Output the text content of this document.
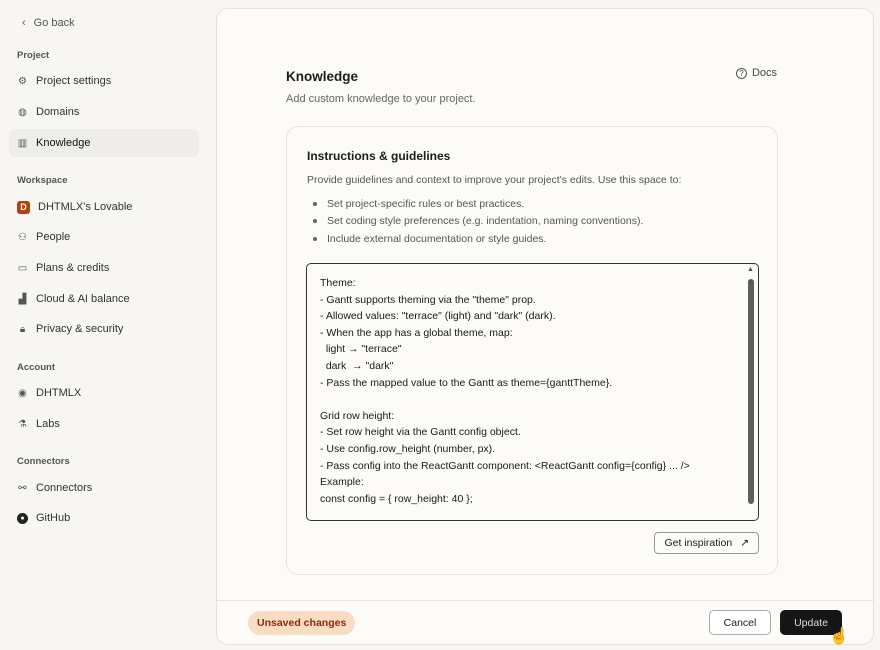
‹ Go back
Project
⚙ Project settings
◍ Domains
▥ Knowledge
Workspace
D DHTMLX's Lovable
⚇ People
▭ Plans & credits
▟ Cloud & AI balance
🔒︎ Privacy & security
Account
◉ DHTMLX
⚗ Labs
Connectors
⚯ Connectors
●	GitHub
Knowledge
Add custom knowledge to your project.
? Docs
Instructions & guidelines
Provide guidelines and context to improve your project's edits. Use this space to:
Set project-specific rules or best practices.
Set coding style preferences (e.g. indentation, naming conventions).
Include external documentation or style guides.
▲
▼
Theme:
- Gantt supports theming via the "theme" prop.
- Allowed values: "terrace" (light) and "dark" (dark).
- When the app has a global theme, map:
light → "terrace"
dark  → "dark"
- Pass the mapped value to the Gantt as theme={ganttTheme}.
Grid row height:
- Set row height via the Gantt config object.
- Use config.row_height (number, px).
- Pass config into the ReactGantt component: <ReactGantt config={config} ... />
Example:
const config = { row_height: 40 };
Get inspiration ↗
Unsaved changes	Cancel	Update
☝
